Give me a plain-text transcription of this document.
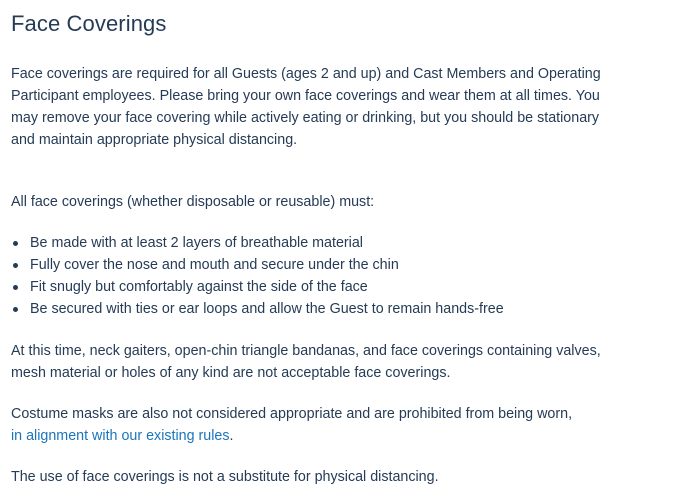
Face Coverings

Face coverings are required for all Guests (ages 2 and up) and Cast Members and Operating Participant employees. Please bring your own face coverings and wear them at all times. You may remove your face covering while actively eating or drinking, but you should be stationary and maintain appropriate physical distancing.

All face coverings (whether disposable or reusable) must:

Be made with at least 2 layers of breathable material
Fully cover the nose and mouth and secure under the chin
Fit snugly but comfortably against the side of the face
Be secured with ties or ear loops and allow the Guest to remain hands-free

At this time, neck gaiters, open-chin triangle bandanas, and face coverings containing valves, mesh material or holes of any kind are not acceptable face coverings.

Costume masks are also not considered appropriate and are prohibited from being worn,
in alignment with our existing rules.

The use of face coverings is not a substitute for physical distancing.
